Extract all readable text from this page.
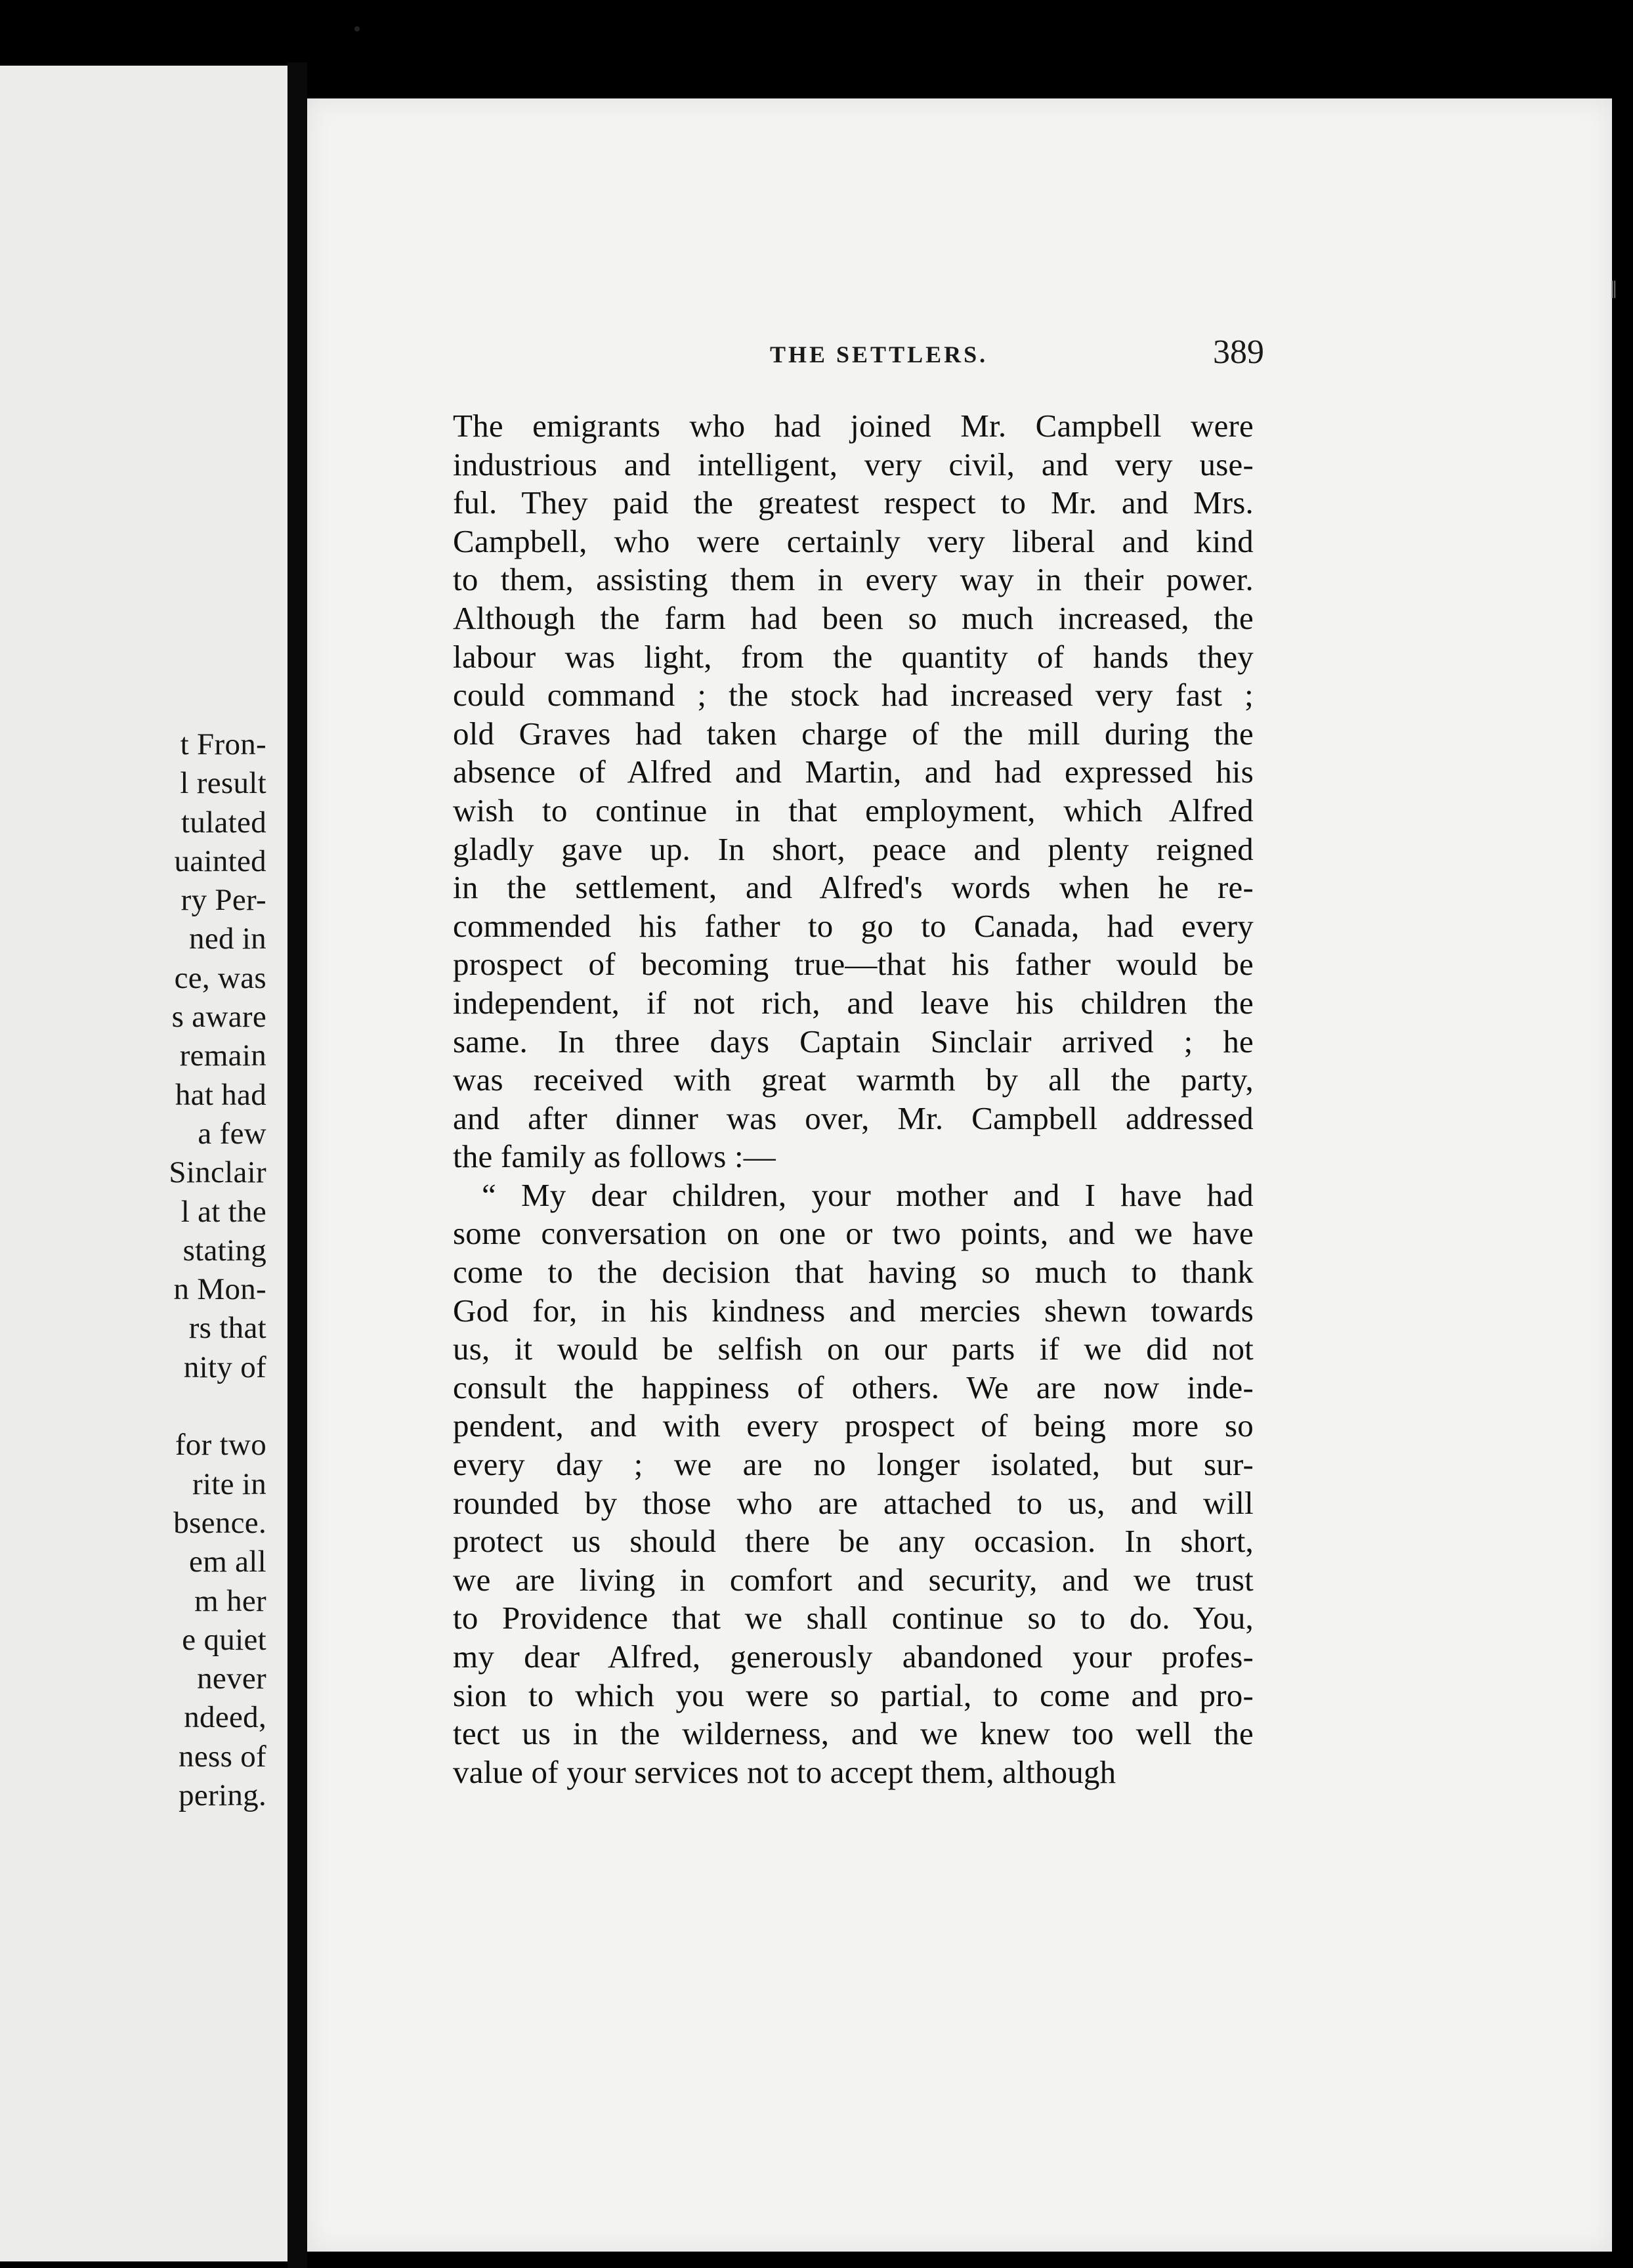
t Fron-
l result
tulated
uainted
ry Per-
ned in
ce, was
s aware
remain
hat had
a few
Sinclair
l at the
stating
n Mon-
rs that
nity of
for two
rite in
bsence.
em all
m her
e quiet
never
ndeed,
ness of
pering.
‖
THE SETTLERS.	389
The emigrants who had joined Mr. Campbell were
industrious and intelligent, very civil, and very use-
ful. They paid the greatest respect to Mr. and Mrs.
Campbell, who were certainly very liberal and kind
to them, assisting them in every way in their power.
Although the farm had been so much increased, the
labour was light, from the quantity of hands they
could command ; the stock had increased very fast ;
old Graves had taken charge of the mill during the
absence of Alfred and Martin, and had expressed his
wish to continue in that employment, which Alfred
gladly gave up. In short, peace and plenty reigned
in the settlement, and Alfred's words when he re-
commended his father to go to Canada, had every
prospect of becoming true—that his father would be
independent, if not rich, and leave his children the
same. In three days Captain Sinclair arrived ; he
was received with great warmth by all the party,
and after dinner was over, Mr. Campbell addressed
the family as follows :—
“ My dear children, your mother and I have had
some conversation on one or two points, and we have
come to the decision that having so much to thank
God for, in his kindness and mercies shewn towards
us, it would be selfish on our parts if we did not
consult the happiness of others. We are now inde-
pendent, and with every prospect of being more so
every day ; we are no longer isolated, but sur-
rounded by those who are attached to us, and will
protect us should there be any occasion. In short,
we are living in comfort and security, and we trust
to Providence that we shall continue so to do. You,
my dear Alfred, generously abandoned your profes-
sion to which you were so partial, to come and pro-
tect us in the wilderness, and we knew too well the
value of your services not to accept them, although
